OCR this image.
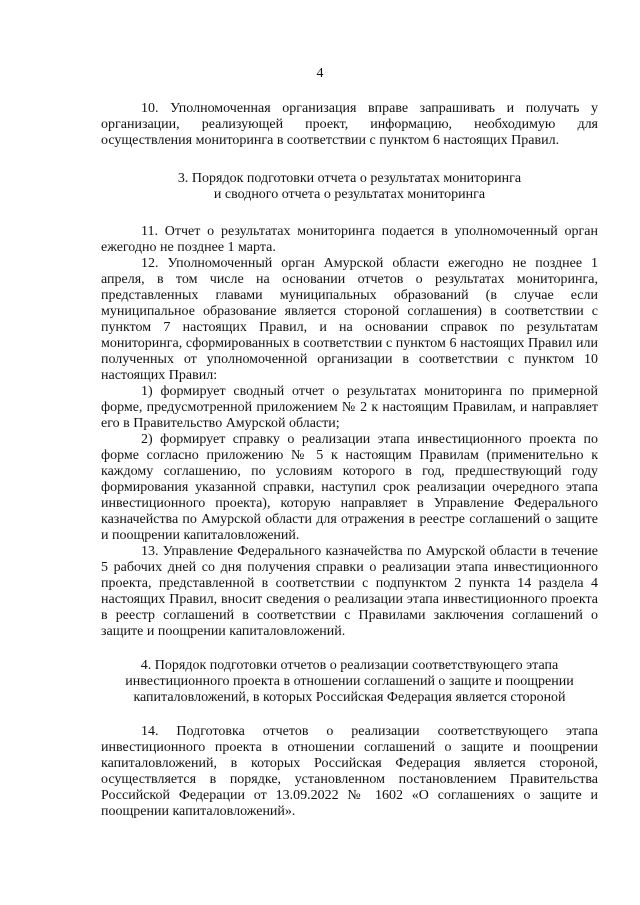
4

10. Уполномоченная организация вправе запрашивать и получать у организации, реализующей проект, информацию, необходимую для осуществления мониторинга в соответствии с пунктом 6 настоящих Правил.

3. Порядок подготовки отчета о результатах мониторинга
и сводного отчета о результатах мониторинга

11. Отчет о результатах мониторинга подается в уполномоченный орган ежегодно не позднее 1 марта.

12. Уполномоченный орган Амурской области ежегодно не позднее 1 апреля, в том числе на основании отчетов о результатах мониторинга, представленных главами муниципальных образований (в случае если муниципальное образование является стороной соглашения) в соответствии с пунктом 7 настоящих Правил, и на основании справок по результатам мониторинга, сформированных в соответствии с пунктом 6 настоящих Правил или полученных от уполномоченной организации в соответствии с пунктом 10 настоящих Правил:

1) формирует сводный отчет о результатах мониторинга по примерной форме, предусмотренной приложением № 2 к настоящим Правилам, и направляет его в Правительство Амурской области;

2) формирует справку о реализации этапа инвестиционного проекта по форме согласно приложению № 5 к настоящим Правилам (применительно к каждому соглашению, по условиям которого в год, предшествующий году формирования указанной справки, наступил срок реализации очередного этапа инвестиционного проекта), которую направляет в Управление Федерального казначейства по Амурской области для отражения в реестре соглашений о защите и поощрении капиталовложений.

13. Управление Федерального казначейства по Амурской области в течение 5 рабочих дней со дня получения справки о реализации этапа инвестиционного проекта, представленной в соответствии с подпунктом 2 пункта 14 раздела 4 настоящих Правил, вносит сведения о реализации этапа инвестиционного проекта в реестр соглашений в соответствии с Правилами заключения соглашений о защите и поощрении капиталовложений.

4. Порядок подготовки отчетов о реализации соответствующего этапа
инвестиционного проекта в отношении соглашений о защите и поощрении
капиталовложений, в которых Российская Федерация является стороной

14. Подготовка отчетов о реализации соответствующего этапа инвестиционного проекта в отношении соглашений о защите и поощрении капиталовложений, в которых Российская Федерация является стороной, осуществляется в порядке, установленном постановлением Правительства Российской Федерации от 13.09.2022 № 1602 «О соглашениях о защите и поощрении капиталовложений».
